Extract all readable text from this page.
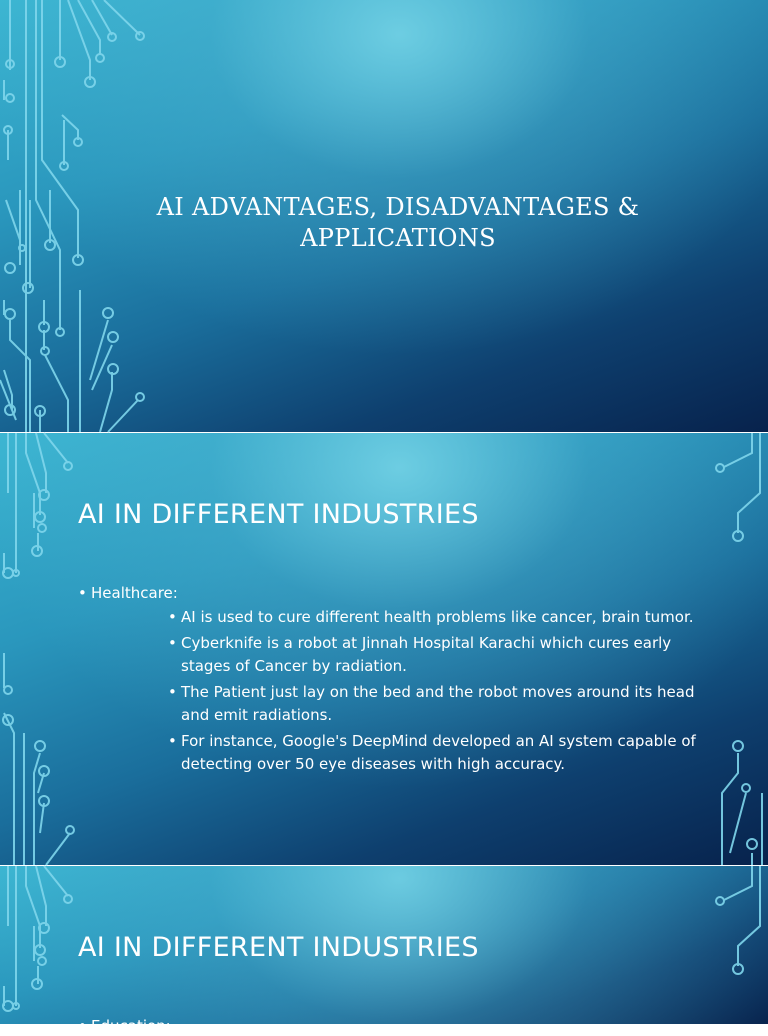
AI ADVANTAGES, DISADVANTAGES & APPLICATIONS
AI IN DIFFERENT INDUSTRIES
• Healthcare:
• AI is used to cure different health problems like cancer, brain tumor.
• Cyberknife is a robot at Jinnah Hospital Karachi which cures early stages of Cancer by radiation.
• The Patient just lay on the bed and the robot moves around its head and emit radiations.
• For instance, Google's DeepMind developed an AI system capable of detecting over 50 eye diseases with high accuracy.
AI IN DIFFERENT INDUSTRIES
• Education:
